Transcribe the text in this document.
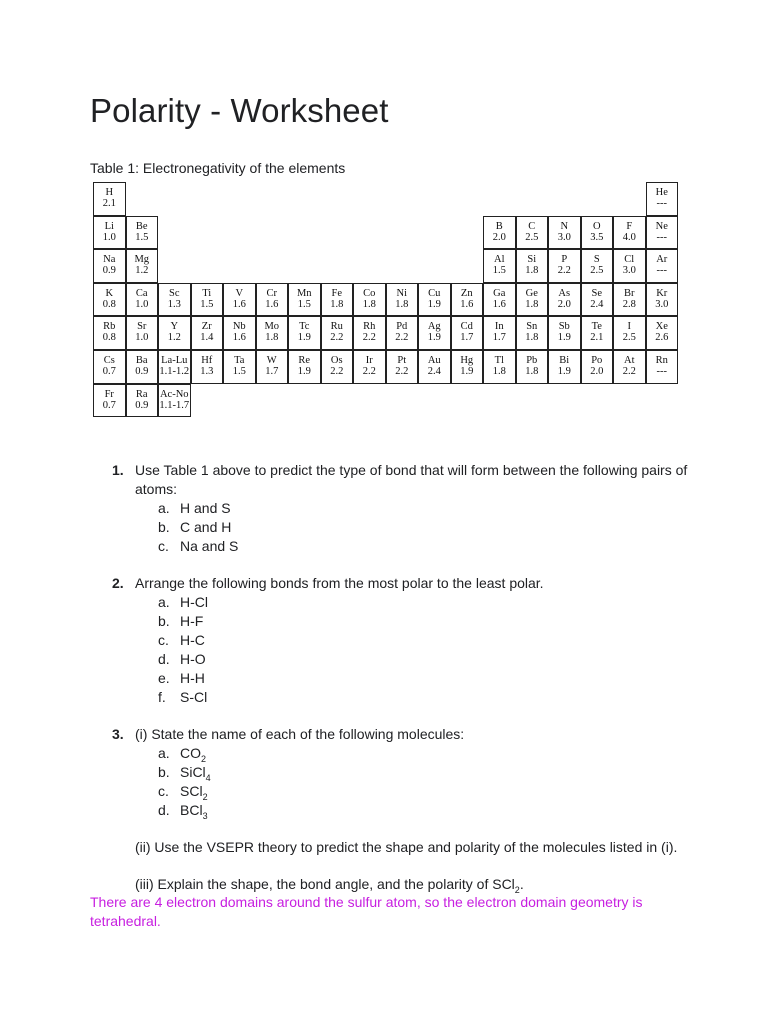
Polarity - Worksheet
Table 1: Electronegativity of the elements
H
2.1
He
---
Li
1.0
Be
1.5
B
2.0
C
2.5
N
3.0
O
3.5
F
4.0
Ne
---
Na
0.9
Mg
1.2
Al
1.5
Si
1.8
P
2.2
S
2.5
Cl
3.0
Ar
---
K
0.8
Ca
1.0
Sc
1.3
Ti
1.5
V
1.6
Cr
1.6
Mn
1.5
Fe
1.8
Co
1.8
Ni
1.8
Cu
1.9
Zn
1.6
Ga
1.6
Ge
1.8
As
2.0
Se
2.4
Br
2.8
Kr
3.0
Rb
0.8
Sr
1.0
Y
1.2
Zr
1.4
Nb
1.6
Mo
1.8
Tc
1.9
Ru
2.2
Rh
2.2
Pd
2.2
Ag
1.9
Cd
1.7
In
1.7
Sn
1.8
Sb
1.9
Te
2.1
I
2.5
Xe
2.6
Cs
0.7
Ba
0.9
La-Lu
1.1-1.2
Hf
1.3
Ta
1.5
W
1.7
Re
1.9
Os
2.2
Ir
2.2
Pt
2.2
Au
2.4
Hg
1.9
Tl
1.8
Pb
1.8
Bi
1.9
Po
2.0
At
2.2
Rn
---
Fr
0.7
Ra
0.9
Ac-No
1.1-1.7
1. Use Table 1 above to predict the type of bond that will form between the following pairs of atoms:
a. H and S
b. C and H
c. Na and S
2. Arrange the following bonds from the most polar to the least polar.
a. H-Cl
b. H-F
c. H-C
d. H-O
e. H-H
f. S-Cl
3. (i) State the name of each of the following molecules:
a. $CO_2$
b. SiCl$_4$
c. SCl$_2$
d. BCl$_3$
(ii) Use the VSEPR theory to predict the shape and polarity of the molecules listed in (i).
(iii) Explain the shape, the bond angle, and the polarity of SCl$_2$.
There are 4 electron domains around the sulfur atom, so the electron domain geometry is tetrahedral.
